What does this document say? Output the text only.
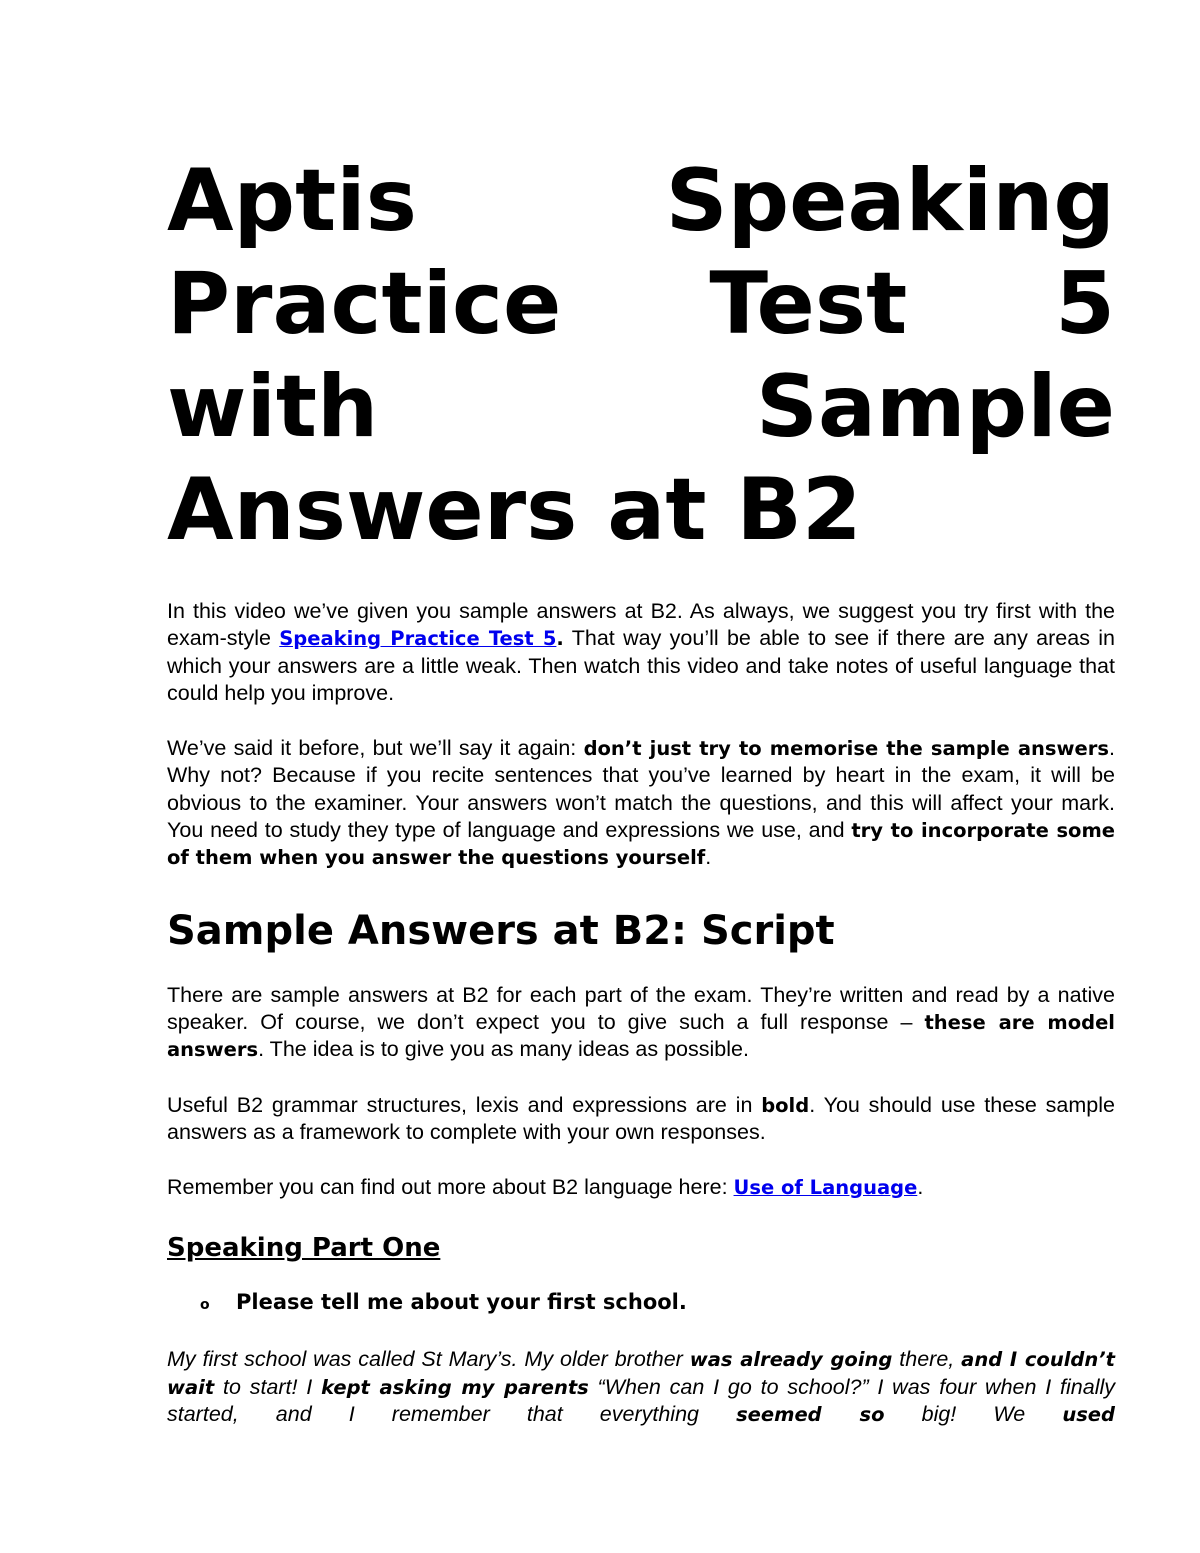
Aptis Speaking
Practice Test 5
with Sample
Answers at B2

In this video we’ve given you sample answers at B2. As always, we suggest you try first with the exam-style Speaking Practice Test 5. That way you’ll be able to see if there are any areas in which your answers are a little weak. Then watch this video and take notes of useful language that could help you improve.

We’ve said it before, but we’ll say it again: don’t just try to memorise the sample answers. Why not? Because if you recite sentences that you’ve learned by heart in the exam, it will be obvious to the examiner. Your answers won’t match the questions, and this will affect your mark. You need to study they type of language and expressions we use, and try to incorporate some of them when you answer the questions yourself.

Sample Answers at B2: Script

There are sample answers at B2 for each part of the exam. They’re written and read by a native speaker. Of course, we don’t expect you to give such a full response – these are model answers. The idea is to give you as many ideas as possible.

Useful B2 grammar structures, lexis and expressions are in bold. You should use these sample answers as a framework to complete with your own responses.

Remember you can find out more about B2 language here: Use of Language.

Speaking Part One
o	Please tell me about your first school.

My first school was called St Mary’s. My older brother was already going there, and I couldn’t wait to start! I kept asking my parents “When can I go to school?” I was four when I finally started, and I remember that everything seemed so big! We used
